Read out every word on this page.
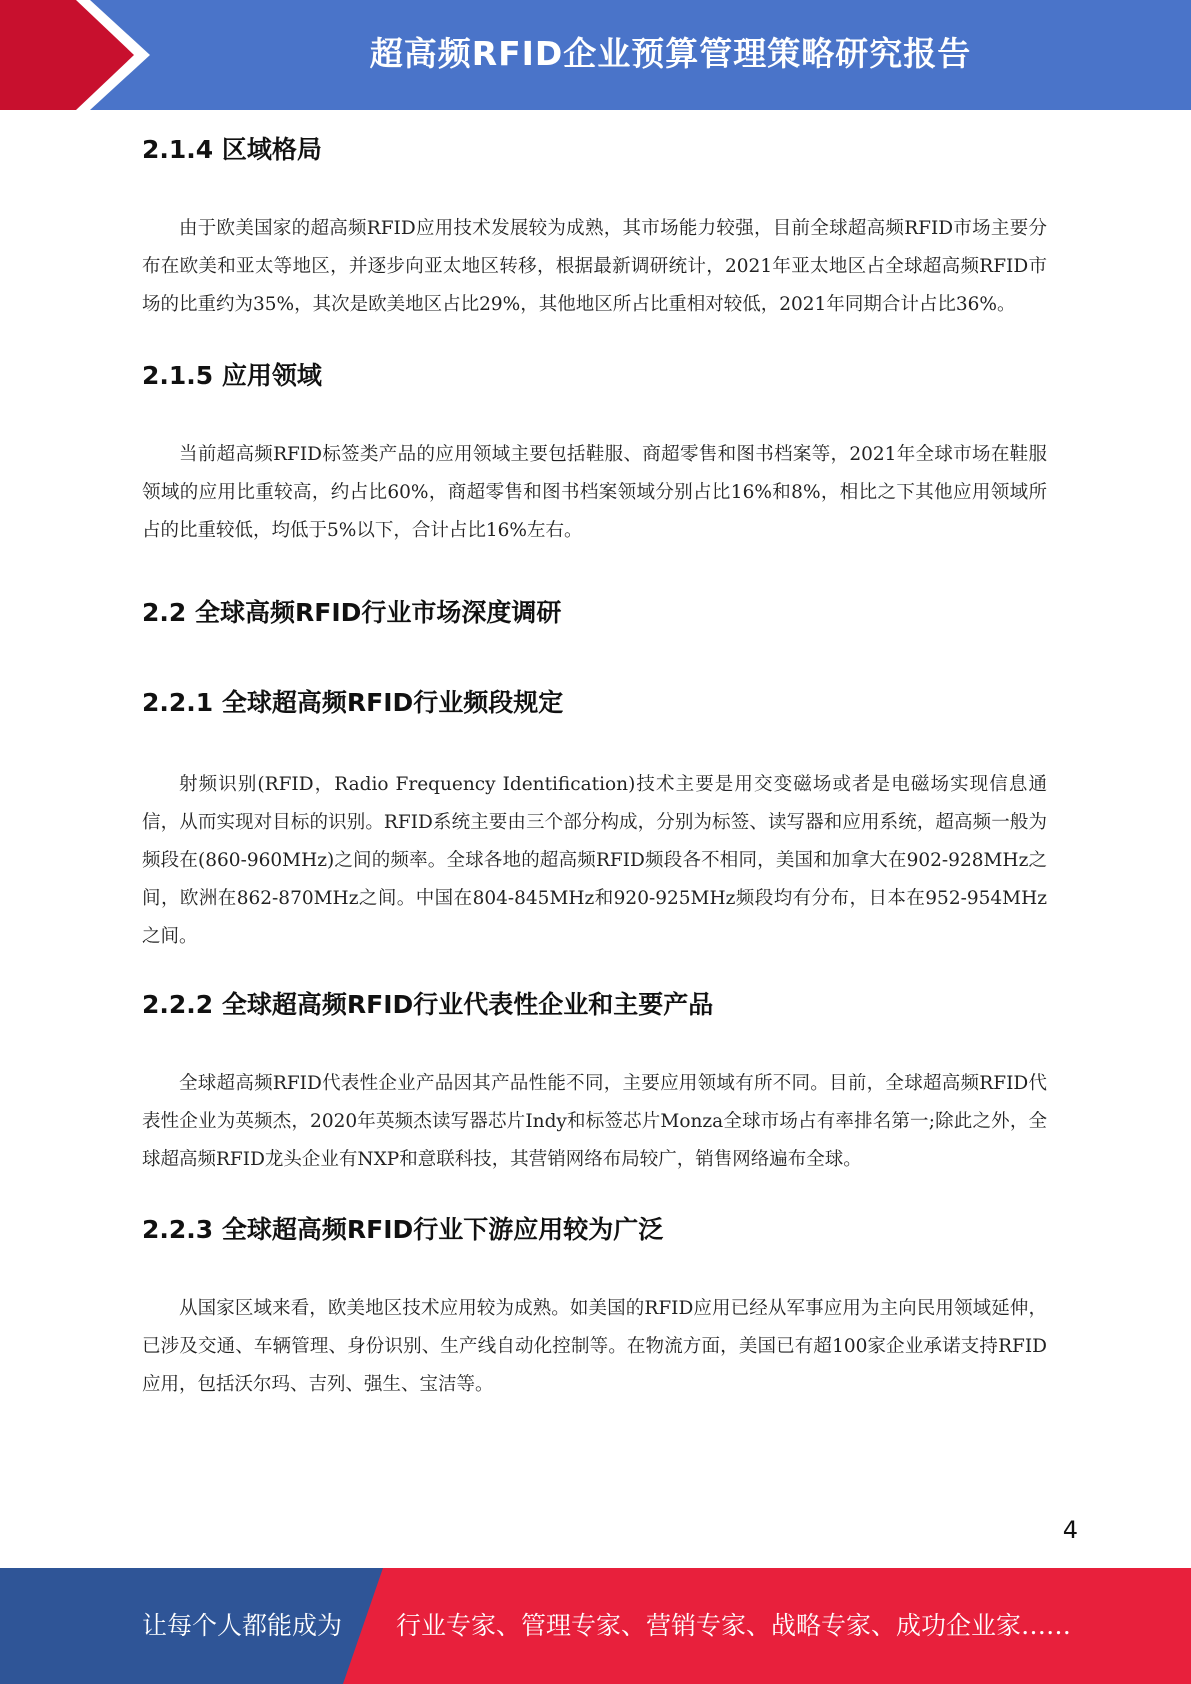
超高频RFID企业预算管理策略研究报告
2.1.4 区域格局

由于欧美国家的超高频RFID应用技术发展较为成熟，其市场能力较强，目前全球超高频RFID市场主要分布在欧美和亚太等地区，并逐步向亚太地区转移，根据最新调研统计，2021年亚太地区占全球超高频RFID市场的比重约为35%，其次是欧美地区占比29%，其他地区所占比重相对较低，2021年同期合计占比36%。

2.1.5 应用领域

当前超高频RFID标签类产品的应用领域主要包括鞋服、商超零售和图书档案等，2021年全球市场在鞋服领域的应用比重较高，约占比60%，商超零售和图书档案领域分别占比16%和8%，相比之下其他应用领域所占的比重较低，均低于5%以下，合计占比16%左右。

2.2 全球高频RFID行业市场深度调研
2.2.1 全球超高频RFID行业频段规定

射频识别(RFID，Radio Frequency Identification)技术主要是用交变磁场或者是电磁场实现信息通信，从而实现对目标的识别。RFID系统主要由三个部分构成，分别为标签、读写器和应用系统，超高频一般为频段在(860-960MHz)之间的频率。全球各地的超高频RFID频段各不相同，美国和加拿大在902-928MHz之间，欧洲在862-870MHz之间。中国在804-845MHz和920-925MHz频段均有分布，日本在952-954MHz之间。

2.2.2 全球超高频RFID行业代表性企业和主要产品

全球超高频RFID代表性企业产品因其产品性能不同，主要应用领域有所不同。目前，全球超高频RFID代表性企业为英频杰，2020年英频杰读写器芯片Indy和标签芯片Monza全球市场占有率排名第一;除此之外，全球超高频RFID龙头企业有NXP和意联科技，其营销网络布局较广，销售网络遍布全球。

2.2.3 全球超高频RFID行业下游应用较为广泛

从国家区域来看，欧美地区技术应用较为成熟。如美国的RFID应用已经从军事应用为主向民用领域延伸，已涉及交通、车辆管理、身份识别、生产线自动化控制等。在物流方面，美国已有超100家企业承诺支持RFID应用，包括沃尔玛、吉列、强生、宝洁等。

4
让每个人都能成为 行业专家、管理专家、营销专家、战略专家、成功企业家……
